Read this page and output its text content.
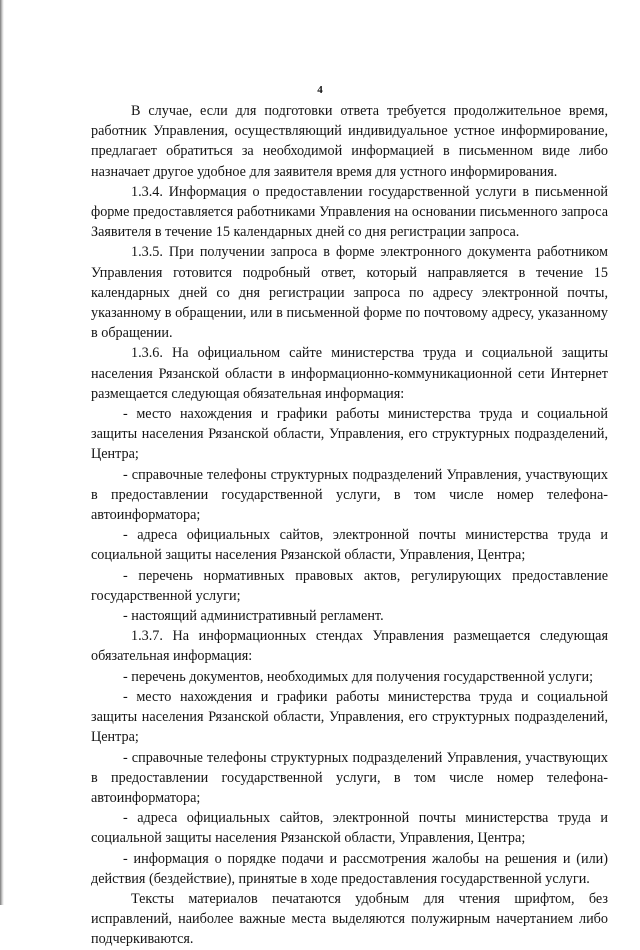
4

В случае, если для подготовки ответа требуется продолжительное время, работник Управления, осуществляющий индивидуальное устное информирование, предлагает обратиться за необходимой информацией в письменном виде либо назначает другое удобное для заявителя время для устного информирования.

1.3.4. Информация о предоставлении государственной услуги в письменной форме предоставляется работниками Управления на основании письменного запроса Заявителя в течение 15 календарных дней со дня регистрации запроса.

1.3.5. При получении запроса в форме электронного документа работником Управления готовится подробный ответ, который направляется в течение 15 календарных дней со дня регистрации запроса по адресу электронной почты, указанному в обращении, или в письменной форме по почтовому адресу, указанному в обращении.

1.3.6. На официальном сайте министерства труда и социальной защиты населения Рязанской области в информационно-коммуникационной сети Интернет размещается следующая обязательная информация:

- место нахождения и графики работы министерства труда и социальной защиты населения Рязанской области, Управления, его структурных подразделений, Центра;

- справочные телефоны структурных подразделений Управления, участвующих в предоставлении государственной услуги, в том числе номер телефона-автоинформатора;

- адреса официальных сайтов, электронной почты министерства труда и социальной защиты населения Рязанской области, Управления, Центра;

- перечень нормативных правовых актов, регулирующих предоставление государственной услуги;

- настоящий административный регламент.

1.3.7. На информационных стендах Управления размещается следующая обязательная информация:

- перечень документов, необходимых для получения государственной услуги;

- место нахождения и графики работы министерства труда и социальной защиты населения Рязанской области, Управления, его структурных подразделений, Центра;

- справочные телефоны структурных подразделений Управления, участвующих в предоставлении государственной услуги, в том числе номер телефона-автоинформатора;

- адреса официальных сайтов, электронной почты министерства труда и социальной защиты населения Рязанской области, Управления, Центра;

- информация о порядке подачи и рассмотрения жалобы на решения и (или) действия (бездействие), принятые в ходе предоставления государственной услуги.

Тексты материалов печатаются удобным для чтения шрифтом, без исправлений, наиболее важные места выделяются полужирным начертанием либо подчеркиваются.
